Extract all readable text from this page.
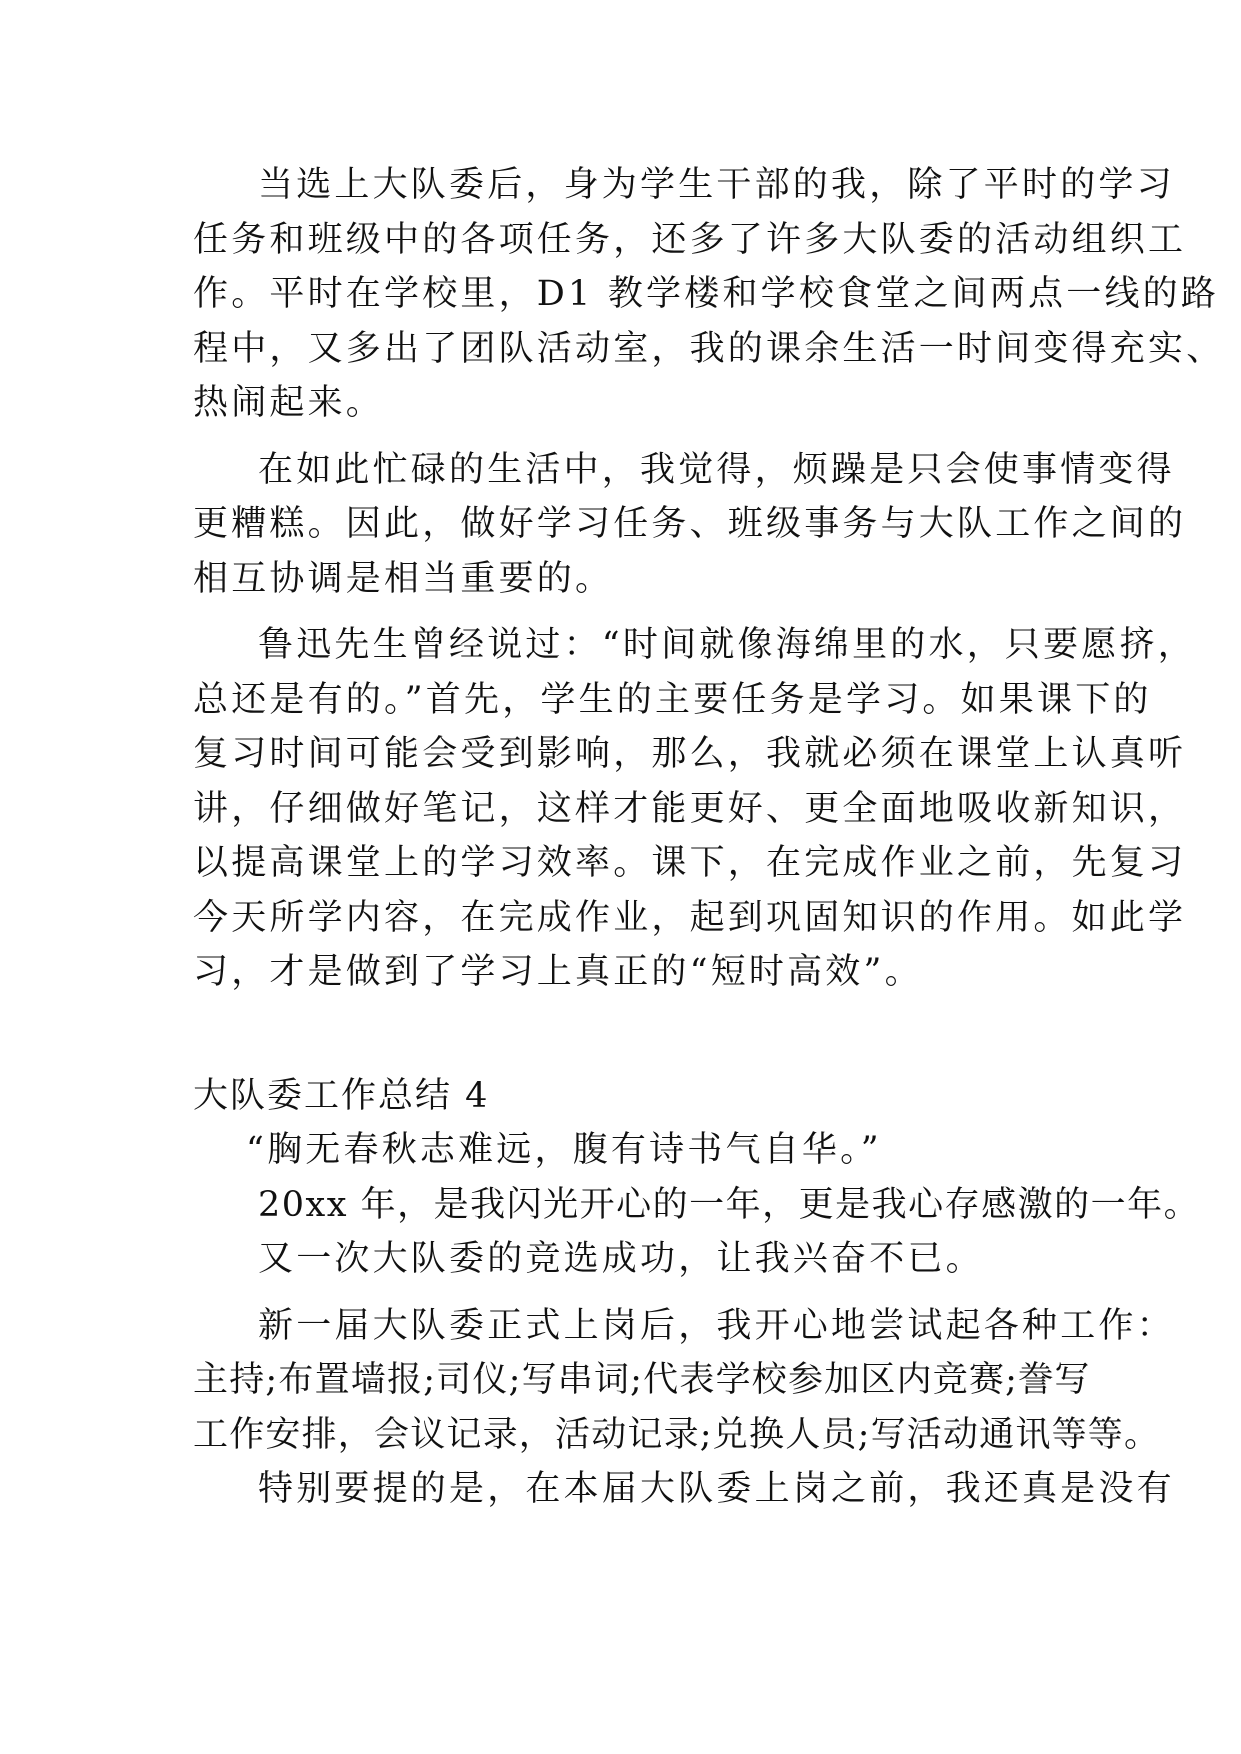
当选上大队委后，身为学生干部的我，除了平时的学习
任务和班级中的各项任务，还多了许多大队委的活动组织工
作。平时在学校里，D1 教学楼和学校食堂之间两点一线的路
程中，又多出了团队活动室，我的课余生活一时间变得充实、
热闹起来。
在如此忙碌的生活中，我觉得，烦躁是只会使事情变得
更糟糕。因此，做好学习任务、班级事务与大队工作之间的
相互协调是相当重要的。
鲁迅先生曾经说过：“时间就像海绵里的水，只要愿挤，
总还是有的。”首先，学生的主要任务是学习。如果课下的
复习时间可能会受到影响，那么，我就必须在课堂上认真听
讲，仔细做好笔记，这样才能更好、更全面地吸收新知识，
以提高课堂上的学习效率。课下，在完成作业之前，先复习
今天所学内容，在完成作业，起到巩固知识的作用。如此学
习，才是做到了学习上真正的“短时高效”。
大队委工作总结 4
“胸无春秋志难远，腹有诗书气自华。”
20xx 年，是我闪光开心的一年，更是我心存感激的一年。
又一次大队委的竞选成功，让我兴奋不已。
新一届大队委正式上岗后，我开心地尝试起各种工作：
主持;布置墙报;司仪;写串词;代表学校参加区内竞赛;誊写
工作安排，会议记录，活动记录;兑换人员;写活动通讯等等。
特别要提的是，在本届大队委上岗之前，我还真是没有
